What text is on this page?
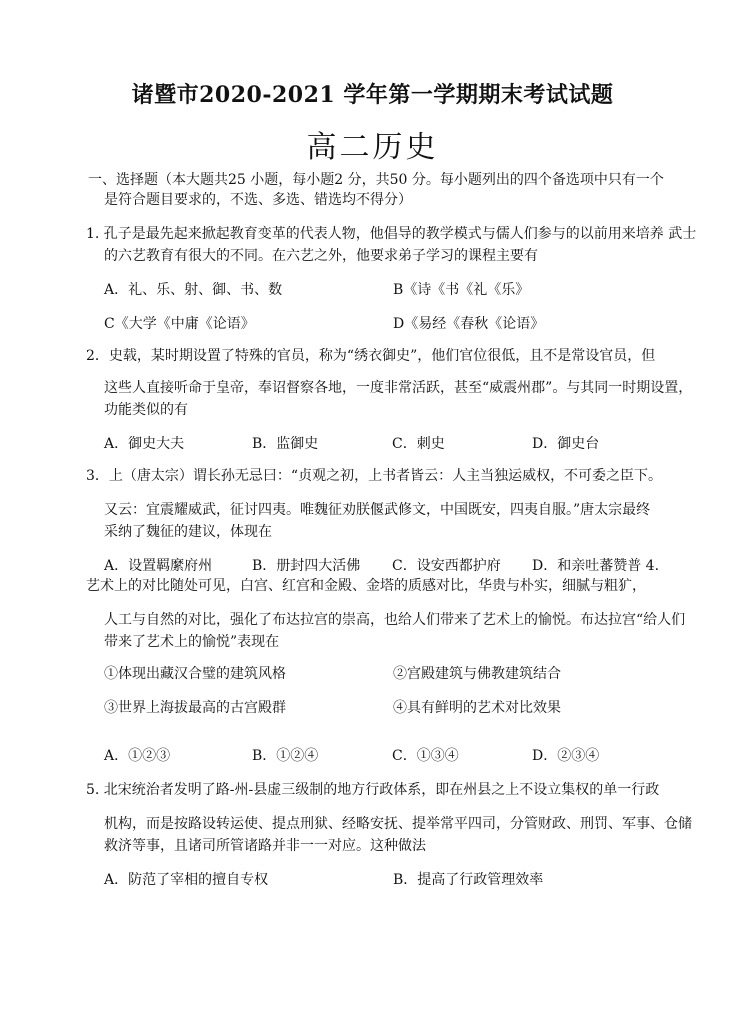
诸暨市2020-2021 学年第一学期期末考试试题
高二历史
一、选择题（本大题共25 小题，每小题2 分，共50 分。每小题列出的四个备选项中只有一个
是符合题目要求的，不选、多选、错选均不得分）
1. 孔子是最先起来掀起教育变革的代表人物，他倡导的教学模式与儒人们参与的以前用来培养 武士
的六艺教育有很大的不同。在六艺之外，他要求弟子学习的课程主要有
A．礼、乐、射、御、书、数	B《诗《书《礼《乐》
C《大学《中庸《论语》	D《易经《春秋《论语》
2．史载，某时期设置了特殊的官员，称为“绣衣御史”，他们官位很低，且不是常设官员，但
这些人直接听命于皇帝，奉诏督察各地，一度非常活跃，甚至“威震州郡”。与其同一时期设置，
功能类似的有
A．御史大夫	B．监御史	C．刺史	D．御史台
3．上（唐太宗）谓长孙无忌曰：“贞观之初，上书者皆云：人主当独运威权，不可委之臣下。
又云：宜震耀威武，征讨四夷。唯魏征劝朕偃武修文，中国既安，四夷自服。”唐太宗最终
采纳了魏征的建议，体现在
A．设置羁縻府州	B．册封四大活佛 C．设安西都护府 D．和亲吐蕃赞普 4.
艺术上的对比随处可见，白宫、红宫和金殿、金塔的质感对比，华贵与朴实，细腻与粗犷，
人工与自然的对比，强化了布达拉宫的崇高，也给人们带来了艺术上的愉悦。布达拉宫“给人们
带来了艺术上的愉悦”表现在
①体现出藏汉合璧的建筑风格	②宫殿建筑与佛教建筑结合
③世界上海拔最高的古宫殿群	④具有鲜明的艺术对比效果
A．①②③	B．①②④	C．①③④	D．②③④
5. 北宋统治者发明了路-州-县虚三级制的地方行政体系，即在州县之上不设立集权的单一行政
机构，而是按路设转运使、提点刑狱、经略安抚、提举常平四司，分管财政、刑罚、军事、仓储
救济等事，且诸司所管诸路并非一一对应。这种做法
A．防范了宰相的擅自专权	B．提高了行政管理效率
